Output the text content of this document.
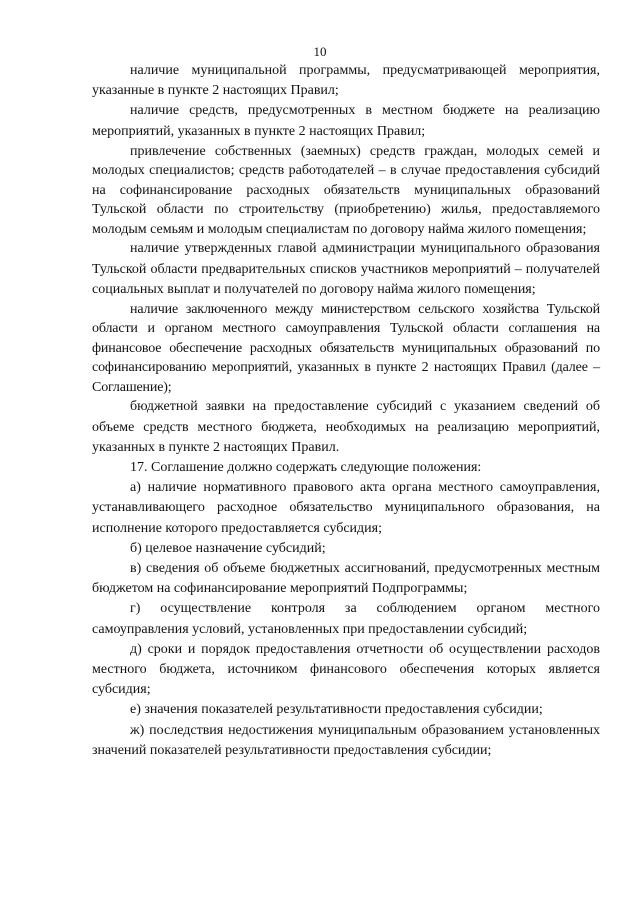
10

наличие муниципальной программы, предусматривающей мероприятия, указанные в пункте 2 настоящих Правил;

наличие средств, предусмотренных в местном бюджете на реализацию мероприятий, указанных в пункте 2 настоящих Правил;

привлечение собственных (заемных) средств граждан, молодых семей и молодых специалистов; средств работодателей – в случае предоставления субсидий на софинансирование расходных обязательств муниципальных образований Тульской области по строительству (приобретению) жилья, предоставляемого молодым семьям и молодым специалистам по договору найма жилого помещения;

наличие утвержденных главой администрации муниципального образования Тульской области предварительных списков участников мероприятий – получателей социальных выплат и получателей по договору найма жилого помещения;

наличие заключенного между министерством сельского хозяйства Тульской области и органом местного самоуправления Тульской области соглашения на финансовое обеспечение расходных обязательств муниципальных образований по софинансированию мероприятий, указанных в пункте 2 настоящих Правил (далее – Соглашение);

бюджетной заявки на предоставление субсидий с указанием сведений об объеме средств местного бюджета, необходимых на реализацию мероприятий, указанных в пункте 2 настоящих Правил.

17. Соглашение должно содержать следующие положения:

а) наличие нормативного правового акта органа местного самоуправления, устанавливающего расходное обязательство муниципального образования, на исполнение которого предоставляется субсидия;

б) целевое назначение субсидий;

в) сведения об объеме бюджетных ассигнований, предусмотренных местным бюджетом на софинансирование мероприятий Подпрограммы;

г) осуществление контроля за соблюдением органом местного самоуправления условий, установленных при предоставлении субсидий;

д) сроки и порядок предоставления отчетности об осуществлении расходов местного бюджета, источником финансового обеспечения которых является субсидия;

е) значения показателей результативности предоставления субсидии;

ж) последствия недостижения муниципальным образованием установленных значений показателей результативности предоставления субсидии;
